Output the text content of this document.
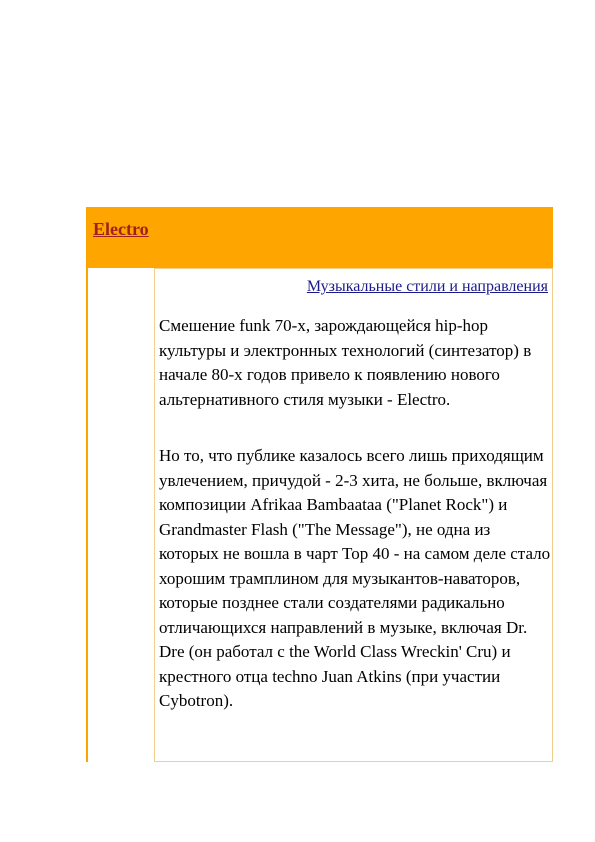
Electro
Музыкальные стили и направления

Смешение funk 70-х, зарождающейся hip-hop культуры и электронных технологий (синтезатор) в начале 80-х годов привело к появлению нового альтернативного стиля музыки - Electro.

Но то, что публике казалось всего лишь приходящим увлечением, причудой - 2-3 хита, не больше, включая композиции Afrikaa Bambaataa ("Planet Rock") и Grandmaster Flash ("The Message"), не одна из которых не вошла в чарт Top 40 - на самом деле стало хорошим трамплином для музыкантов-наваторов, которые позднее стали создателями радикально отличающихся направлений в музыке, включая Dr. Dre (он работал с the World Class Wreckin' Cru) и крестного отца techno Juan Atkins (при участии Cybotron).
